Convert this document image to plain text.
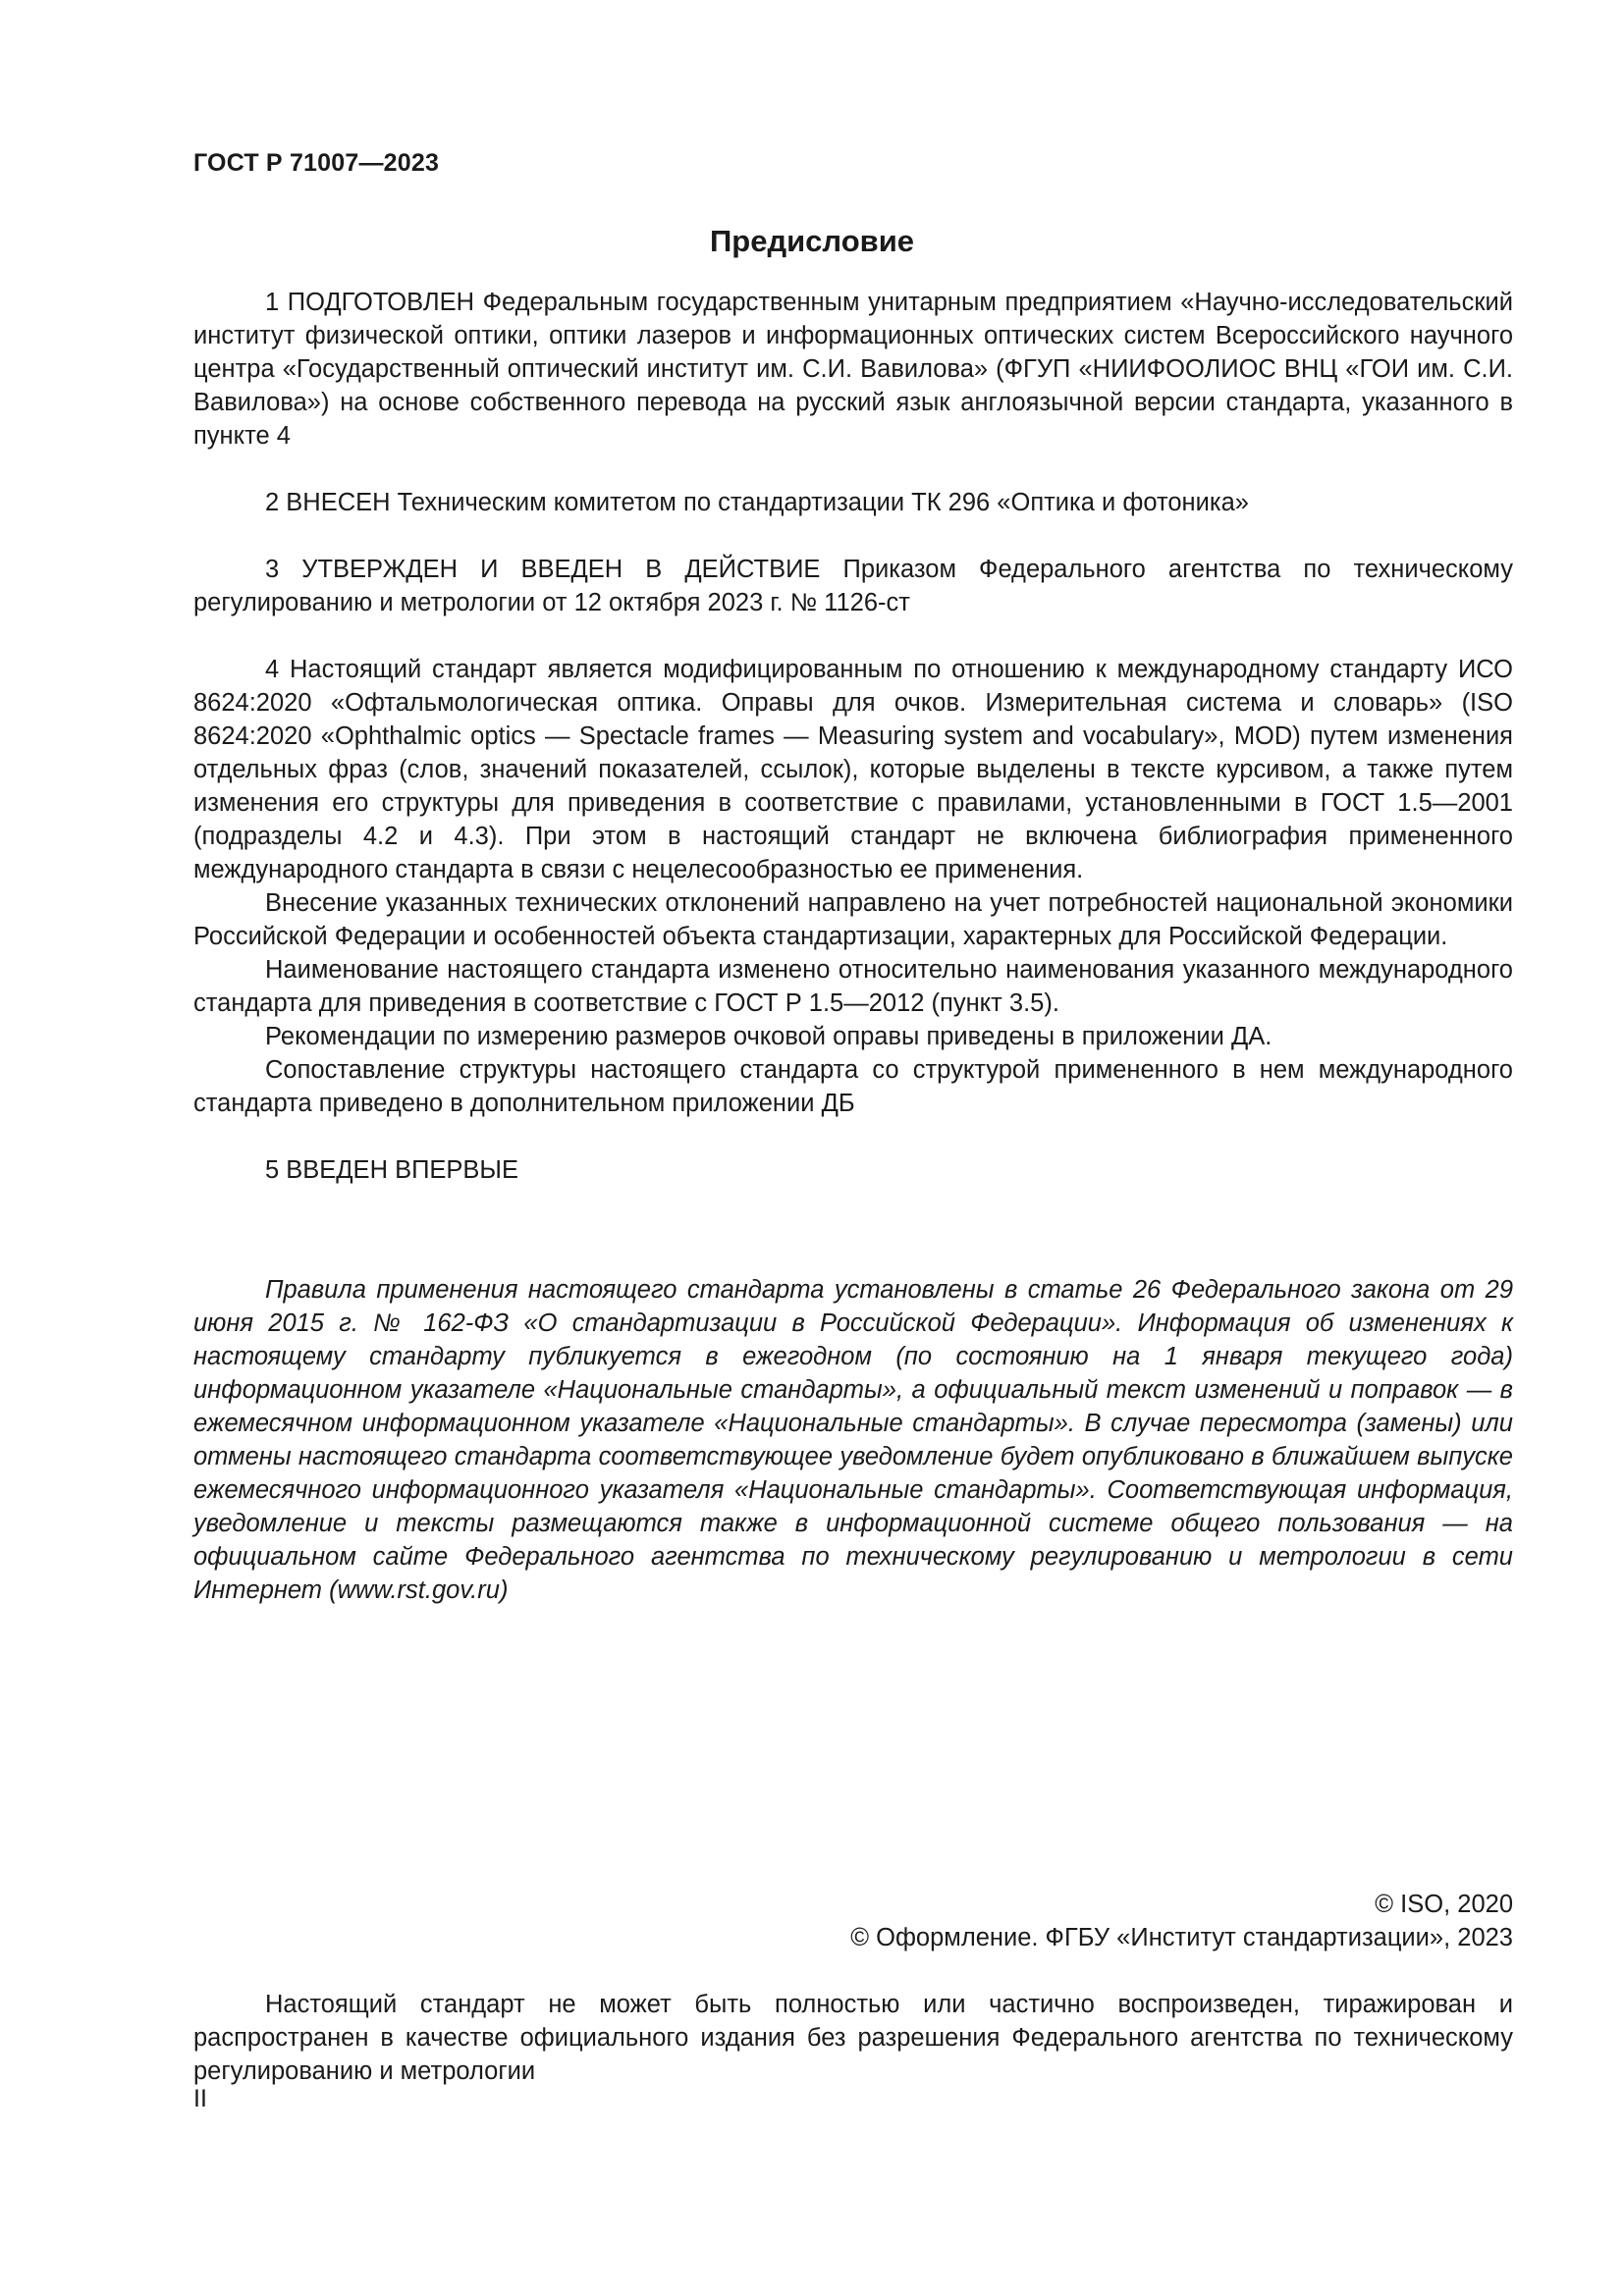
ГОСТ Р 71007—2023
Предисловие

1 ПОДГОТОВЛЕН Федеральным государственным унитарным предприятием «Научно-исследовательский институт физической оптики, оптики лазеров и информационных оптических систем Всероссийского научного центра «Государственный оптический институт им. С.И. Вавилова» (ФГУП «НИИФООЛИОС ВНЦ «ГОИ им. С.И. Вавилова») на основе собственного перевода на русский язык англоязычной версии стандарта, указанного в пункте 4

2 ВНЕСЕН Техническим комитетом по стандартизации ТК 296 «Оптика и фотоника»

3 УТВЕРЖДЕН И ВВЕДЕН В ДЕЙСТВИЕ Приказом Федерального агентства по техническому регулированию и метрологии от 12 октября 2023 г. № 1126-ст

4 Настоящий стандарт является модифицированным по отношению к международному стандарту ИСО 8624:2020 «Офтальмологическая оптика. Оправы для очков. Измерительная система и словарь» (ISO 8624:2020 «Ophthalmic optics — Spectacle frames — Measuring system and vocabulary», MOD) путем изменения отдельных фраз (слов, значений показателей, ссылок), которые выделены в тексте курсивом, а также путем изменения его структуры для приведения в соответствие с правилами, установленными в ГОСТ 1.5—2001 (подразделы 4.2 и 4.3). При этом в настоящий стандарт не включена библиография примененного международного стандарта в связи с нецелесообразностью ее применения.

Внесение указанных технических отклонений направлено на учет потребностей национальной экономики Российской Федерации и особенностей объекта стандартизации, характерных для Российской Федерации.

Наименование настоящего стандарта изменено относительно наименования указанного международного стандарта для приведения в соответствие с ГОСТ Р 1.5—2012 (пункт 3.5).

Рекомендации по измерению размеров очковой оправы приведены в приложении ДА.

Сопоставление структуры настоящего стандарта со структурой примененного в нем международного стандарта приведено в дополнительном приложении ДБ

5 ВВЕДЕН ВПЕРВЫЕ

Правила применения настоящего стандарта установлены в статье 26 Федерального закона от 29 июня 2015 г. № 162-ФЗ «О стандартизации в Российской Федерации». Информация об изменениях к настоящему стандарту публикуется в ежегодном (по состоянию на 1 января текущего года) информационном указателе «Национальные стандарты», а официальный текст изменений и поправок — в ежемесячном информационном указателе «Национальные стандарты». В случае пересмотра (замены) или отмены настоящего стандарта соответствующее уведомление будет опубликовано в ближайшем выпуске ежемесячного информационного указателя «Национальные стандарты». Соответствующая информация, уведомление и тексты размещаются также в информационной системе общего пользования — на официальном сайте Федерального агентства по техническому регулированию и метрологии в сети Интернет (www.rst.gov.ru)

© ISO, 2020
© Оформление. ФГБУ «Институт стандартизации», 2023

Настоящий стандарт не может быть полностью или частично воспроизведен, тиражирован и распространен в качестве официального издания без разрешения Федерального агентства по техническому регулированию и метрологии

II
